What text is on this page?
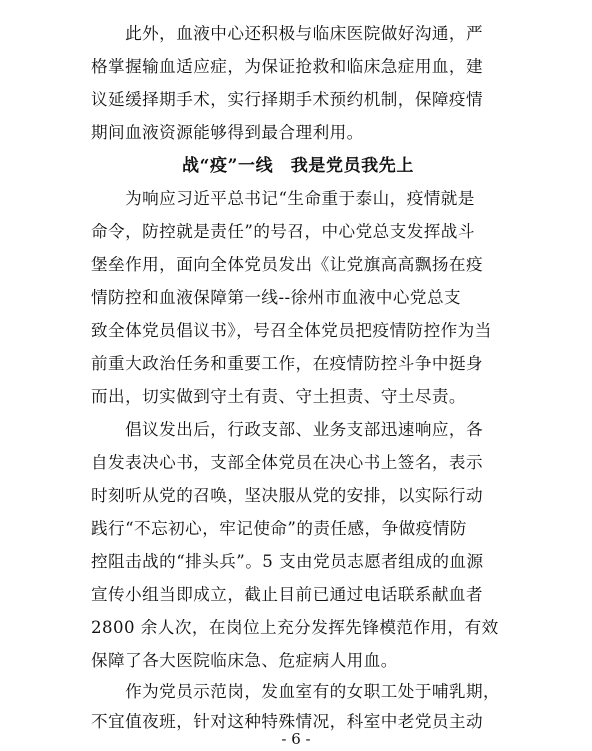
　　此外，血液中心还积极与临床医院做好沟通，严
格掌握输血适应症，为保证抢救和临床急症用血，建
议延缓择期手术，实行择期手术预约机制，保障疫情
期间血液资源能够得到最合理利用。
战“疫”一线　我是党员我先上
　　为响应习近平总书记“生命重于泰山，疫情就是
命令，防控就是责任”的号召，中心党总支发挥战斗
堡垒作用，面向全体党员发出《让党旗高高飘扬在疫
情防控和血液保障第一线--徐州市血液中心党总支
致全体党员倡议书》，号召全体党员把疫情防控作为当
前重大政治任务和重要工作，在疫情防控斗争中挺身
而出，切实做到守土有责、守土担责、守土尽责。
　　倡议发出后，行政支部、业务支部迅速响应，各
自发表决心书，支部全体党员在决心书上签名，表示
时刻听从党的召唤，坚决服从党的安排，以实际行动
践行“不忘初心，牢记使命”的责任感，争做疫情防
控阻击战的“排头兵”。5 支由党员志愿者组成的血源
宣传小组当即成立，截止目前已通过电话联系献血者
2800 余人次，在岗位上充分发挥先锋模范作用，有效
保障了各大医院临床急、危症病人用血。
　　作为党员示范岗，发血室有的女职工处于哺乳期，
不宜值夜班，针对这种特殊情况，科室中老党员主动
- 6 -
